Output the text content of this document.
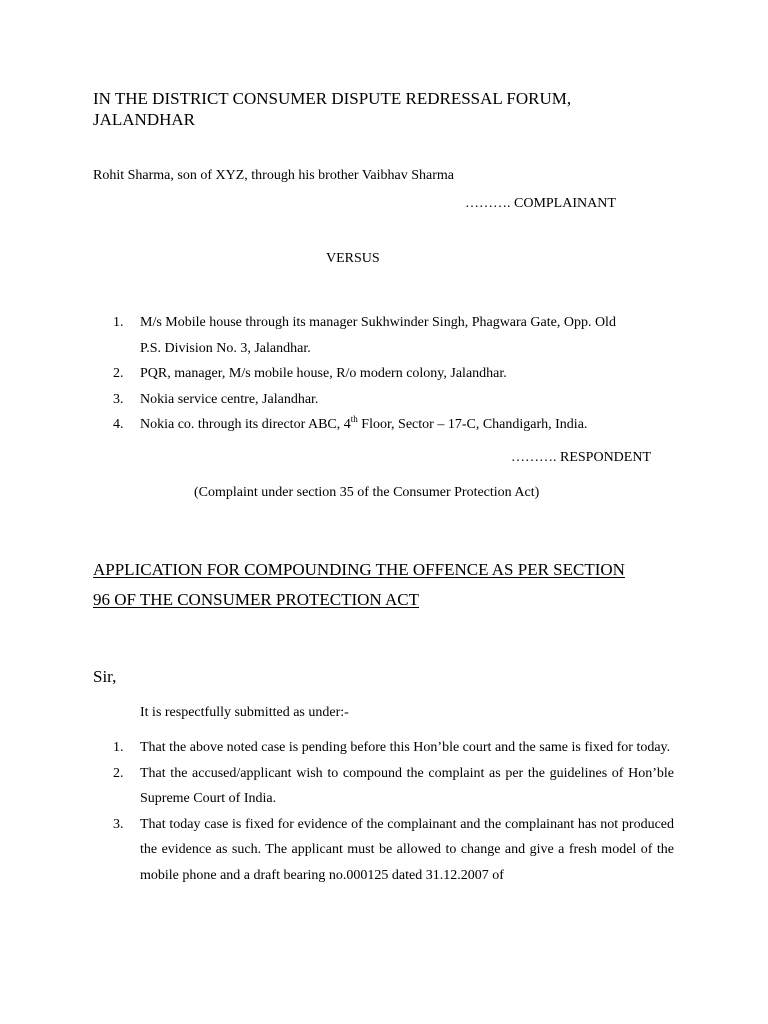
IN THE DISTRICT CONSUMER DISPUTE REDRESSAL FORUM,
JALANDHAR
Rohit Sharma, son of XYZ, through his brother Vaibhav Sharma
………. COMPLAINANT
VERSUS
1. M/s Mobile house through its manager Sukhwinder Singh, Phagwara Gate, Opp. Old
P.S. Division No. 3, Jalandhar.
2. PQR, manager, M/s mobile house, R/o modern colony, Jalandhar.
3. Nokia service centre, Jalandhar.
4. Nokia co. through its director ABC, 4th Floor, Sector – 17-C, Chandigarh, India.
………. RESPONDENT
(Complaint under section 35 of the Consumer Protection Act)
APPLICATION FOR COMPOUNDING THE OFFENCE AS PER SECTION
96 OF THE CONSUMER PROTECTION ACT
Sir,
It is respectfully submitted as under:-
1. That the above noted case is pending before this Hon’ble court and the same is fixed for today.
2. That the accused/applicant wish to compound the complaint as per the guidelines of Hon’ble Supreme Court of India.
3. That today case is fixed for evidence of the complainant and the complainant has not produced the evidence as such. The applicant must be allowed to change and give a fresh model of the mobile phone and a draft bearing no.000125 dated 31.12.2007 of
